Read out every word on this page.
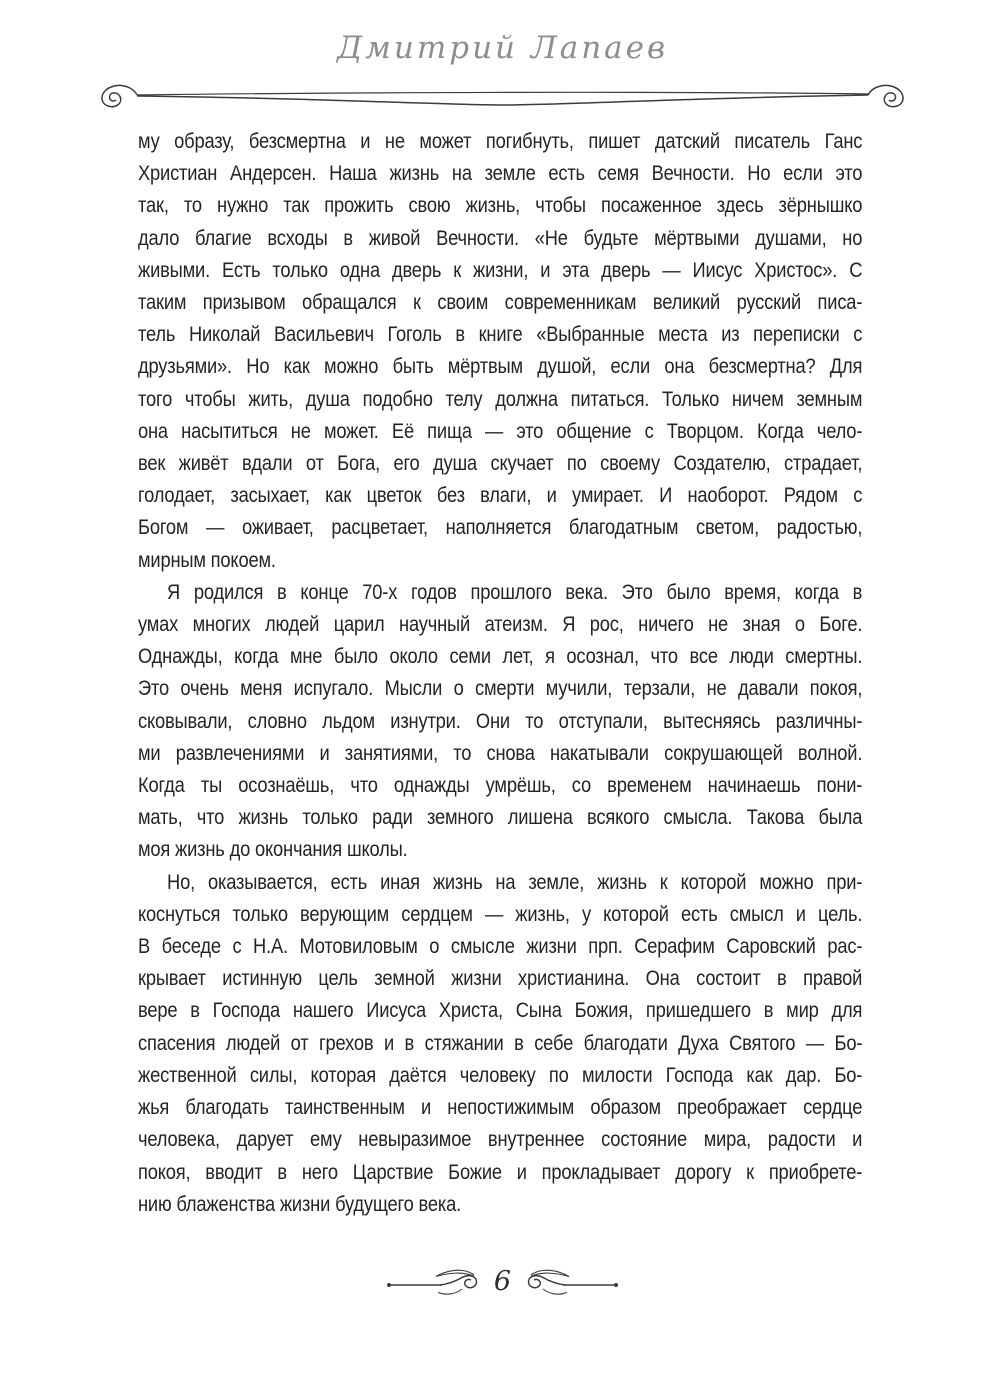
Дмитрий Лапаев
му образу, безсмертна и не может погибнуть, пишет датский писатель Ганс
Христиан Андерсен. Наша жизнь на земле есть семя Вечности. Но если это
так, то нужно так прожить свою жизнь, чтобы посаженное здесь зёрнышко
дало благие всходы в живой Вечности. «Не будьте мёртвыми душами, но
живыми. Есть только одна дверь к жизни, и эта дверь — Иисус Христос». С
таким призывом обращался к своим современникам великий русский писа-
тель Николай Васильевич Гоголь в книге «Выбранные места из переписки с
друзьями». Но как можно быть мёртвым душой, если она безсмертна? Для
того чтобы жить, душа подобно телу должна питаться. Только ничем земным
она насытиться не может. Её пища — это общение с Творцом. Когда чело-
век живёт вдали от Бога, его душа скучает по своему Создателю, страдает,
голодает, засыхает, как цветок без влаги, и умирает. И наоборот. Рядом с
Богом — оживает, расцветает, наполняется благодатным светом, радостью,
мирным покоем.
Я родился в конце 70-х годов прошлого века. Это было время, когда в
умах многих людей царил научный атеизм. Я рос, ничего не зная о Боге.
Однажды, когда мне было около семи лет, я осознал, что все люди смертны.
Это очень меня испугало. Мысли о смерти мучили, терзали, не давали покоя,
сковывали, словно льдом изнутри. Они то отступали, вытесняясь различны-
ми развлечениями и занятиями, то снова накатывали сокрушающей волной.
Когда ты осознаёшь, что однажды умрёшь, со временем начинаешь пони-
мать, что жизнь только ради земного лишена всякого смысла. Такова была
моя жизнь до окончания школы.
Но, оказывается, есть иная жизнь на земле, жизнь к которой можно при-
коснуться только верующим сердцем — жизнь, у которой есть смысл и цель.
В беседе с Н.А. Мотовиловым о смысле жизни прп. Серафим Саровский рас-
крывает истинную цель земной жизни христианина. Она состоит в правой
вере в Господа нашего Иисуса Христа, Сына Божия, пришедшего в мир для
спасения людей от грехов и в стяжании в себе благодати Духа Святого — Бо-
жественной силы, которая даётся человеку по милости Господа как дар. Бо-
жья благодать таинственным и непостижимым образом преображает сердце
человека, дарует ему невыразимое внутреннее состояние мира, радости и
покоя, вводит в него Царствие Божие и прокладывает дорогу к приобрете-
нию блаженства жизни будущего века.
6
